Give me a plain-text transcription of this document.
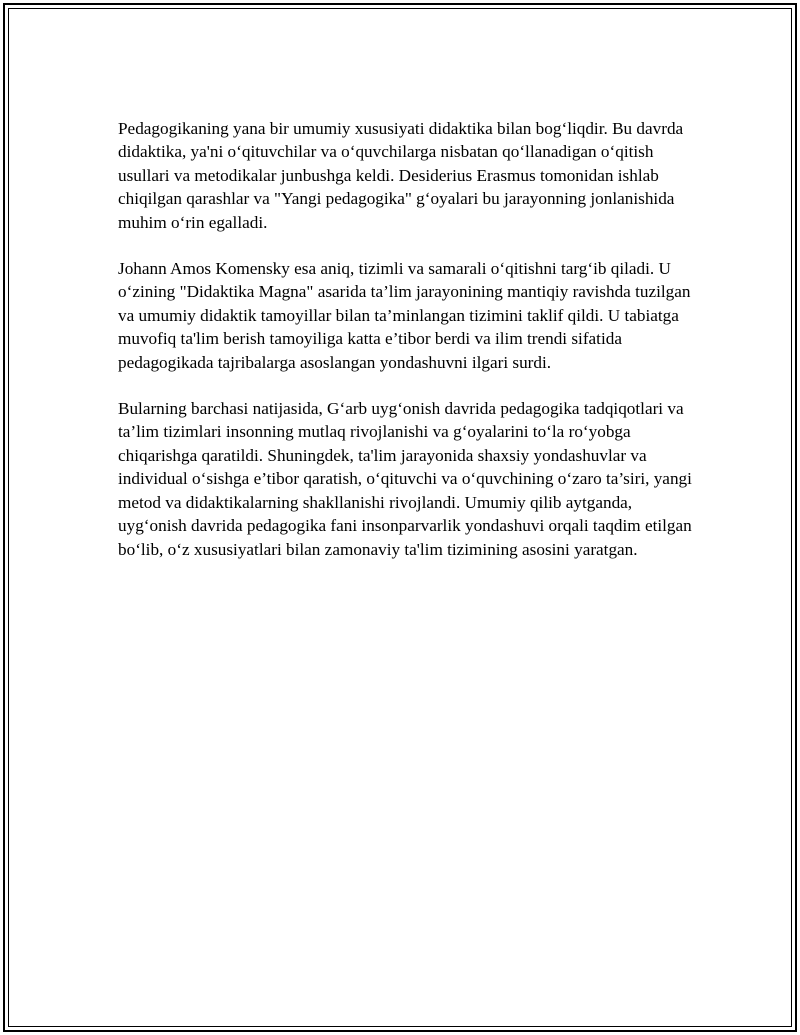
Pedagogikaning yana bir umumiy xususiyati didaktika bilan bog‘liqdir. Bu davrda didaktika, ya'ni o‘qituvchilar va o‘quvchilarga nisbatan qo‘llanadigan o‘qitish usullari va metodikalar junbushga keldi. Desiderius Erasmus tomonidan ishlab chiqilgan qarashlar va "Yangi pedagogika" g‘oyalari bu jarayonning jonlanishida muhim o‘rin egalladi.

Johann Amos Komensky esa aniq, tizimli va samarali o‘qitishni targ‘ib qiladi. U o‘zining "Didaktika Magna" asarida ta’lim jarayonining mantiqiy ravishda tuzilgan va umumiy didaktik tamoyillar bilan ta’minlangan tizimini taklif qildi. U tabiatga muvofiq ta'lim berish tamoyiliga katta e’tibor berdi va ilim trendi sifatida pedagogikada tajribalarga asoslangan yondashuvni ilgari surdi.

Bularning barchasi natijasida, G‘arb uyg‘onish davrida pedagogika tadqiqotlari va ta’lim tizimlari insonning mutlaq rivojlanishi va g‘oyalarini to‘la ro‘yobga chiqarishga qaratildi. Shuningdek, ta'lim jarayonida shaxsiy yondashuvlar va individual o‘sishga e’tibor qaratish, o‘qituvchi va o‘quvchining o‘zaro ta’siri, yangi metod va didaktikalarning shakllanishi rivojlandi. Umumiy qilib aytganda, uyg‘onish davrida pedagogika fani insonparvarlik yondashuvi orqali taqdim etilgan bo‘lib, o‘z xususiyatlari bilan zamonaviy ta'lim tizimining asosini yaratgan.
